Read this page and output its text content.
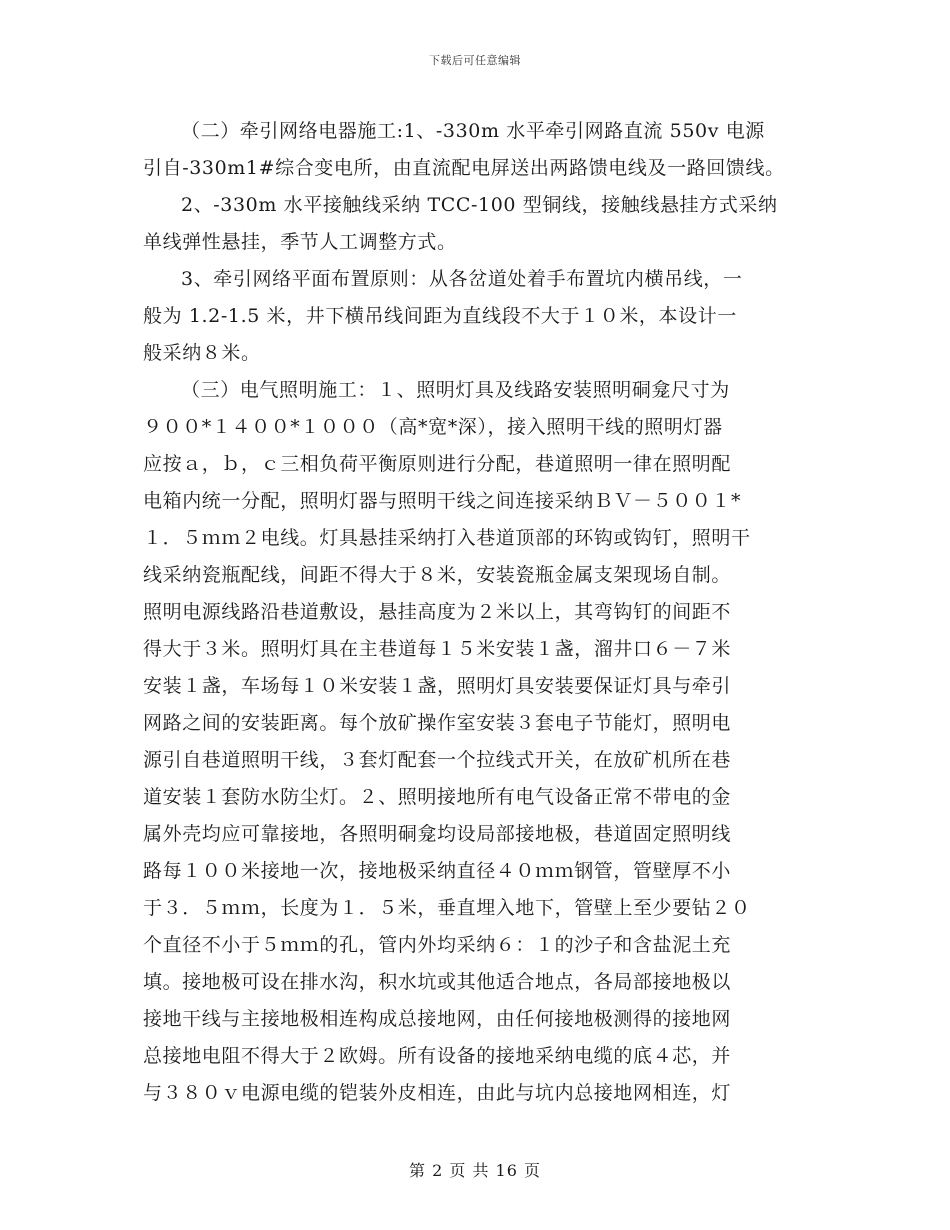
下载后可任意编辑
（二）牵引网络电器施工:1、-330m 水平牵引网路直流 550v 电源
引自-330m1#综合变电所，由直流配电屏送出两路馈电线及一路回馈线。
2、-330m 水平接触线采纳 TCC-100 型铜线，接触线悬挂方式采纳
单线弹性悬挂，季节人工调整方式。
3、牵引网络平面布置原则：从各岔道处着手布置坑内横吊线，一
般为 1.2-1.5 米，井下横吊线间距为直线段不大于１０米，本设计一
般采纳８米。
（三）电气照明施工：１、照明灯具及线路安装照明硐龛尺寸为
９００*１４００*１０００（高*宽*深），接入照明干线的照明灯器
应按ａ，ｂ，ｃ三相负荷平衡原则进行分配，巷道照明一律在照明配
电箱内统一分配，照明灯器与照明干线之间连接采纳ＢＶ－５００１*
１．５ｍｍ２电线。灯具悬挂采纳打入巷道顶部的环钩或钩钉，照明干
线采纳瓷瓶配线，间距不得大于８米，安装瓷瓶金属支架现场自制。
照明电源线路沿巷道敷设，悬挂高度为２米以上，其弯钩钉的间距不
得大于３米。照明灯具在主巷道每１５米安装１盏，溜井口６－７米
安装１盏，车场每１０米安装１盏，照明灯具安装要保证灯具与牵引
网路之间的安装距离。每个放矿操作室安装３套电子节能灯，照明电
源引自巷道照明干线，３套灯配套一个拉线式开关，在放矿机所在巷
道安装１套防水防尘灯。２、照明接地所有电气设备正常不带电的金
属外壳均应可靠接地，各照明硐龛均设局部接地极，巷道固定照明线
路每１００米接地一次，接地极采纳直径４０ｍｍ钢管，管壁厚不小
于３．５ｍｍ，长度为１．５米，垂直埋入地下，管壁上至少要钻２０
个直径不小于５ｍｍ的孔，管内外均采纳６：１的沙子和含盐泥土充
填。接地极可设在排水沟，积水坑或其他适合地点，各局部接地极以
接地干线与主接地极相连构成总接地网，由任何接地极测得的接地网
总接地电阻不得大于２欧姆。所有设备的接地采纳电缆的底４芯，并
与３８０ｖ电源电缆的铠装外皮相连，由此与坑内总接地网相连，灯
第 2 页 共 16 页
